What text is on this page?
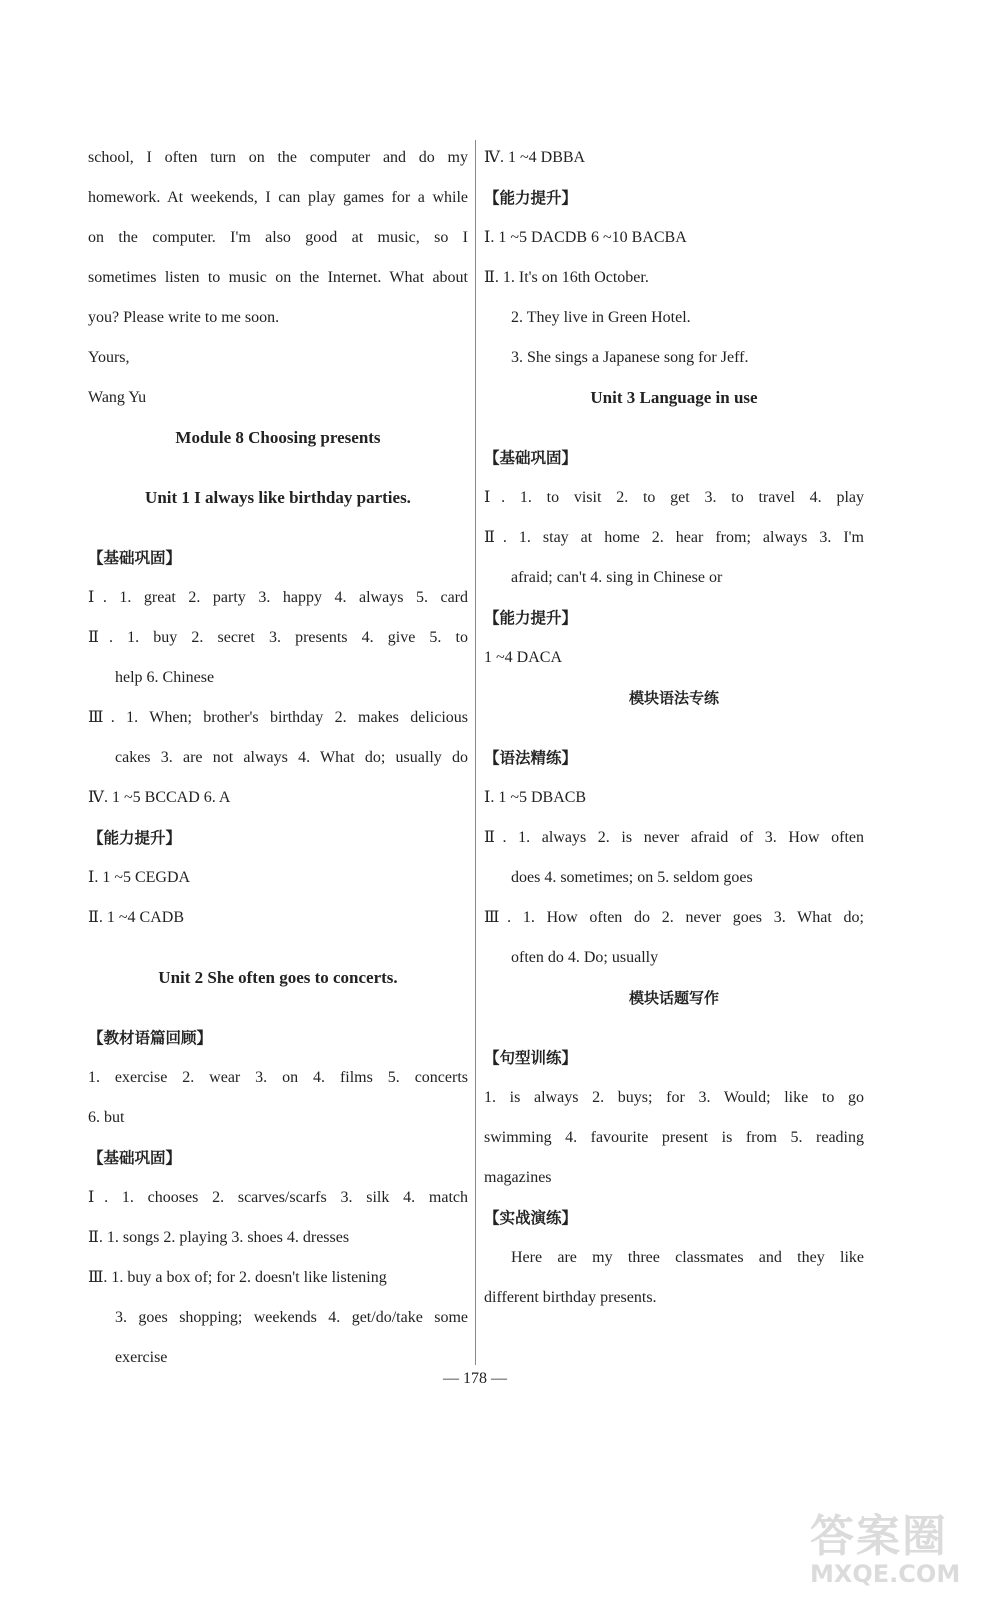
school, I often turn on the computer and do my
homework. At weekends, I can play games for a while
on the computer. I'm also good at music, so I
sometimes listen to music on the Internet. What about
you? Please write to me soon.
Yours,
Wang Yu
Module 8 Choosing presents
Unit 1 I always like birthday parties.
【基础巩固】
Ⅰ. 1. great 2. party 3. happy 4. always 5. card
Ⅱ. 1. buy 2. secret 3. presents 4. give 5. to
help 6. Chinese
Ⅲ. 1. When; brother's birthday 2. makes delicious
cakes 3. are not always 4. What do; usually do
Ⅳ. 1 ~5 BCCAD 6. A
【能力提升】
Ⅰ. 1 ~5 CEGDA
Ⅱ. 1 ~4 CADB
Unit 2 She often goes to concerts.
【教材语篇回顾】
1. exercise 2. wear 3. on 4. films 5. concerts
6. but
【基础巩固】
Ⅰ. 1. chooses 2. scarves/scarfs 3. silk 4. match
Ⅱ. 1. songs 2. playing 3. shoes 4. dresses
Ⅲ. 1. buy a box of; for 2. doesn't like listening
3. goes shopping; weekends 4. get/do/take some
exercise
Ⅳ. 1 ~4 DBBA
【能力提升】
Ⅰ. 1 ~5 DACDB 6 ~10 BACBA
Ⅱ. 1. It's on 16th October.
2. They live in Green Hotel.
3. She sings a Japanese song for Jeff.
Unit 3 Language in use
【基础巩固】
Ⅰ. 1. to visit 2. to get 3. to travel 4. play
Ⅱ. 1. stay at home 2. hear from; always 3. I'm
afraid; can't 4. sing in Chinese or
【能力提升】
1 ~4 DACA
模块语法专练
【语法精练】
Ⅰ. 1 ~5 DBACB
Ⅱ. 1. always 2. is never afraid of 3. How often
does 4. sometimes; on 5. seldom goes
Ⅲ. 1. How often do 2. never goes 3. What do;
often do 4. Do; usually
模块话题写作
【句型训练】
1. is always 2. buys; for 3. Would; like to go
swimming 4. favourite present is from 5. reading
magazines
【实战演练】
Here are my three classmates and they like
different birthday presents.
— 178 —
答案圈
MXQE.COM
